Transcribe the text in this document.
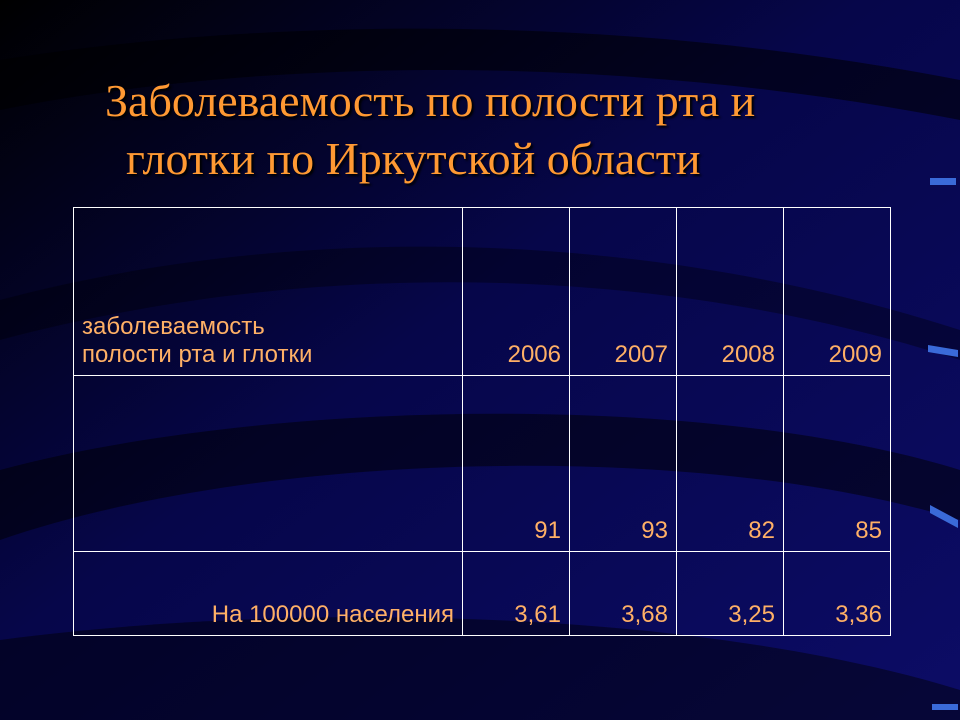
Заболеваемость по полости рта и
глотки по Иркутской области
заболеваемость
полости рта и глотки	2006	2007	2008	2009
	91	93	82	85
На 100000 населения	3,61	3,68	3,25	3,36
